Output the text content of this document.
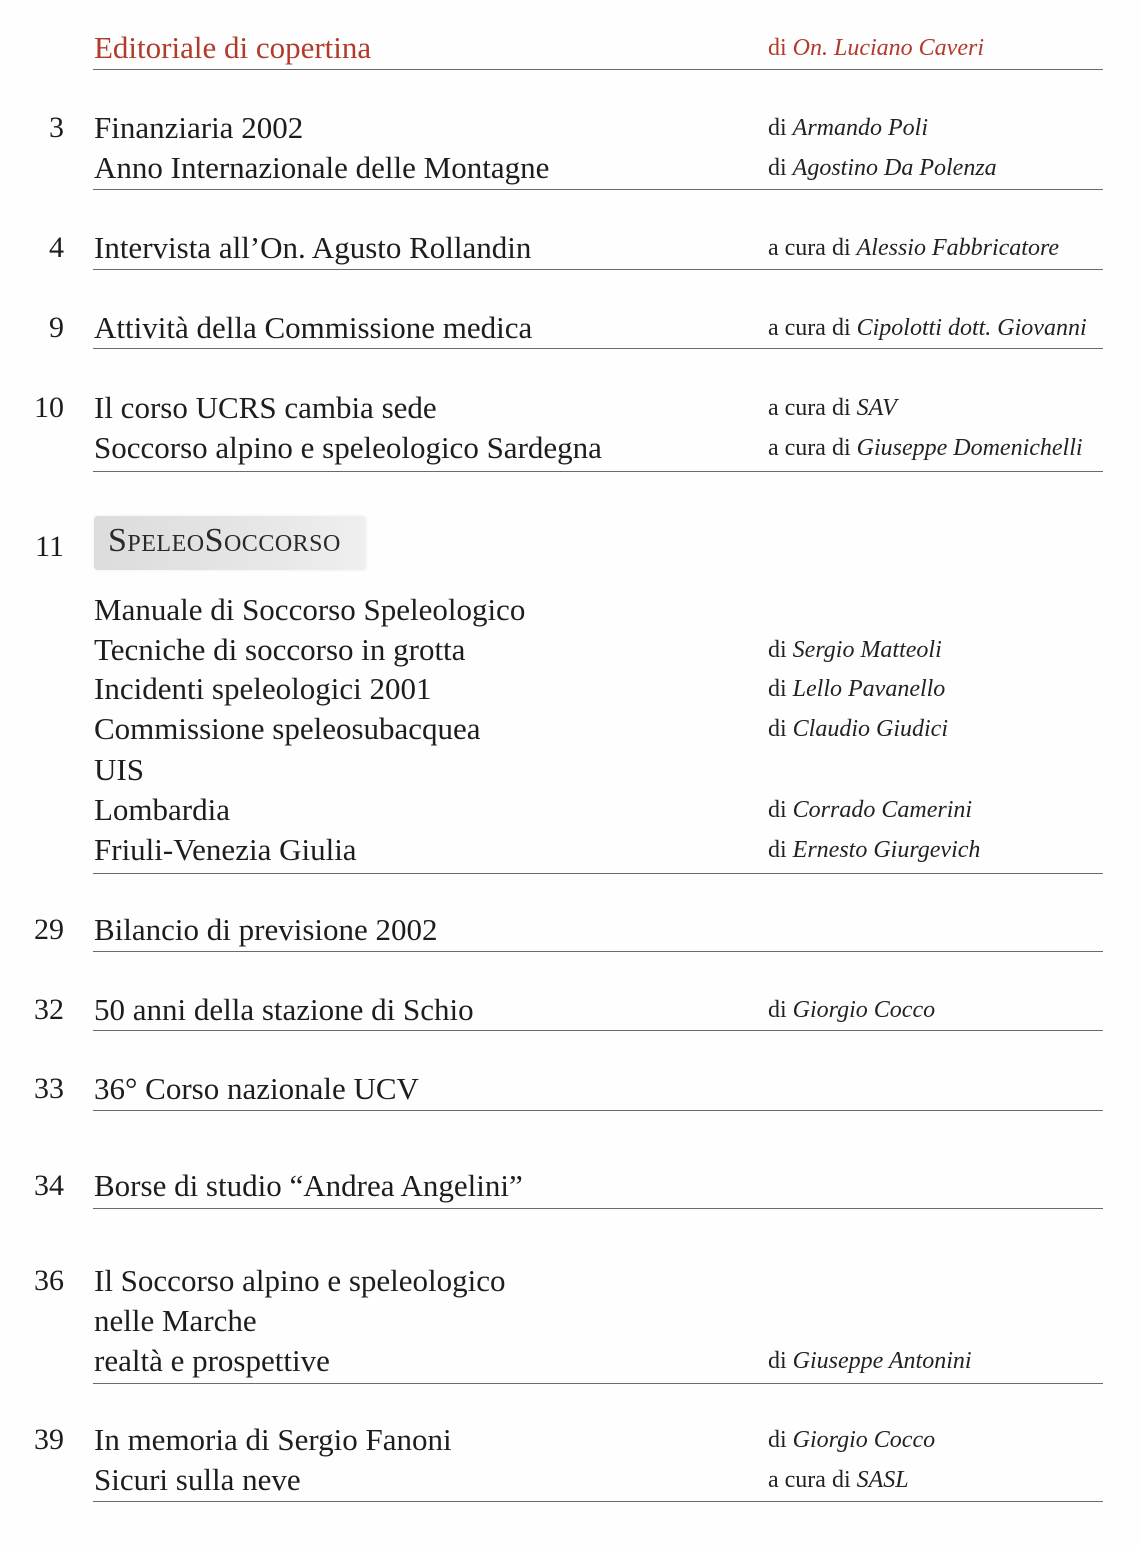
Editoriale di copertina	di On. Luciano Caveri
3 Finanziaria 2002	di Armando Poli
Anno Internazionale delle Montagne	di Agostino Da Polenza
4 Intervista all’On. Agusto Rollandin	a cura di Alessio Fabbricatore
9 Attività della Commissione medica	a cura di Cipolotti dott. Giovanni
10 Il corso UCRS cambia sede	a cura di SAV
Soccorso alpino e speleologico Sardegna	a cura di Giuseppe Domenichelli
11 SpeleoSoccorso
Manuale di Soccorso Speleologico
Tecniche di soccorso in grotta	di Sergio Matteoli
Incidenti speleologici 2001	di Lello Pavanello
Commissione speleosubacquea	di Claudio Giudici
UIS
Lombardia	di Corrado Camerini
Friuli-Venezia Giulia	di Ernesto Giurgevich
29 Bilancio di previsione 2002
32 50 anni della stazione di Schio	di Giorgio Cocco
33 36° Corso nazionale UCV
34 Borse di studio “Andrea Angelini”
36 Il Soccorso alpino e speleologico
nelle Marche
realtà e prospettive	di Giuseppe Antonini
39 In memoria di Sergio Fanoni	di Giorgio Cocco
Sicuri sulla neve	a cura di SASL
